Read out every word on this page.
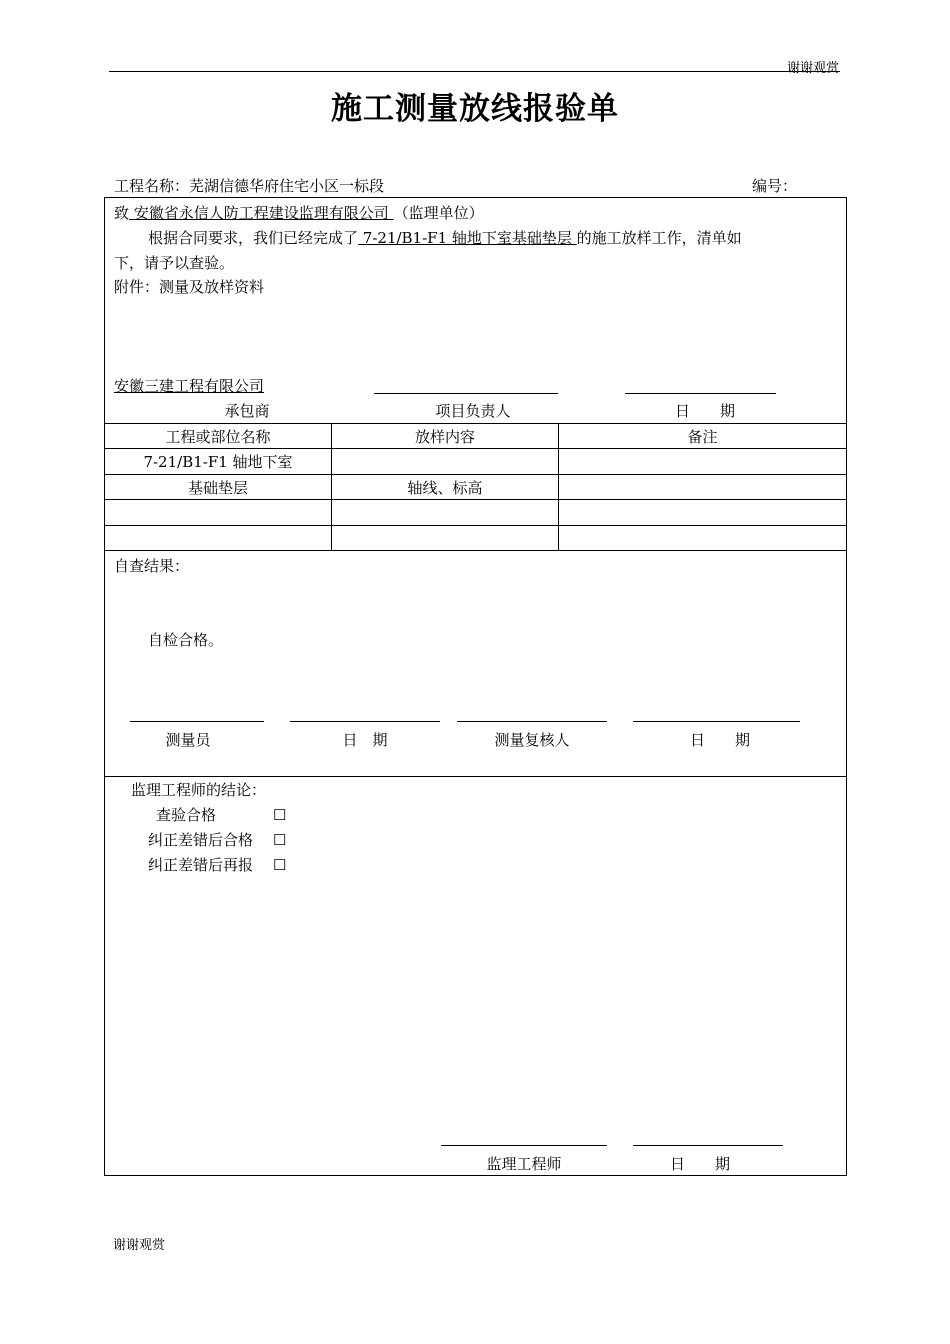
谢谢观赏
施工测量放线报验单
工程名称：芜湖信德华府住宅小区一标段	编号：
致 安徽省永信人防工程建设监理有限公司 （监理单位）
根据合同要求，我们已经完成了 7-21/B1-F1 轴地下室基础垫层 的施工放样工作，清单如
下，请予以查验。
附件：测量及放样资料
安徽三建工程有限公司
承包商	项目负责人	日　　期
工程或部位名称	放样内容	备注
7-21/B1-F1 轴地下室
基础垫层	轴线、标高
自查结果：
自检合格。
测量员	日　期	测量复核人	日　　期
监理工程师的结论：
查验合格	☐
纠正差错后合格 ☐
纠正差错后再报 ☐
监理工程师	日　　期
谢谢观赏
